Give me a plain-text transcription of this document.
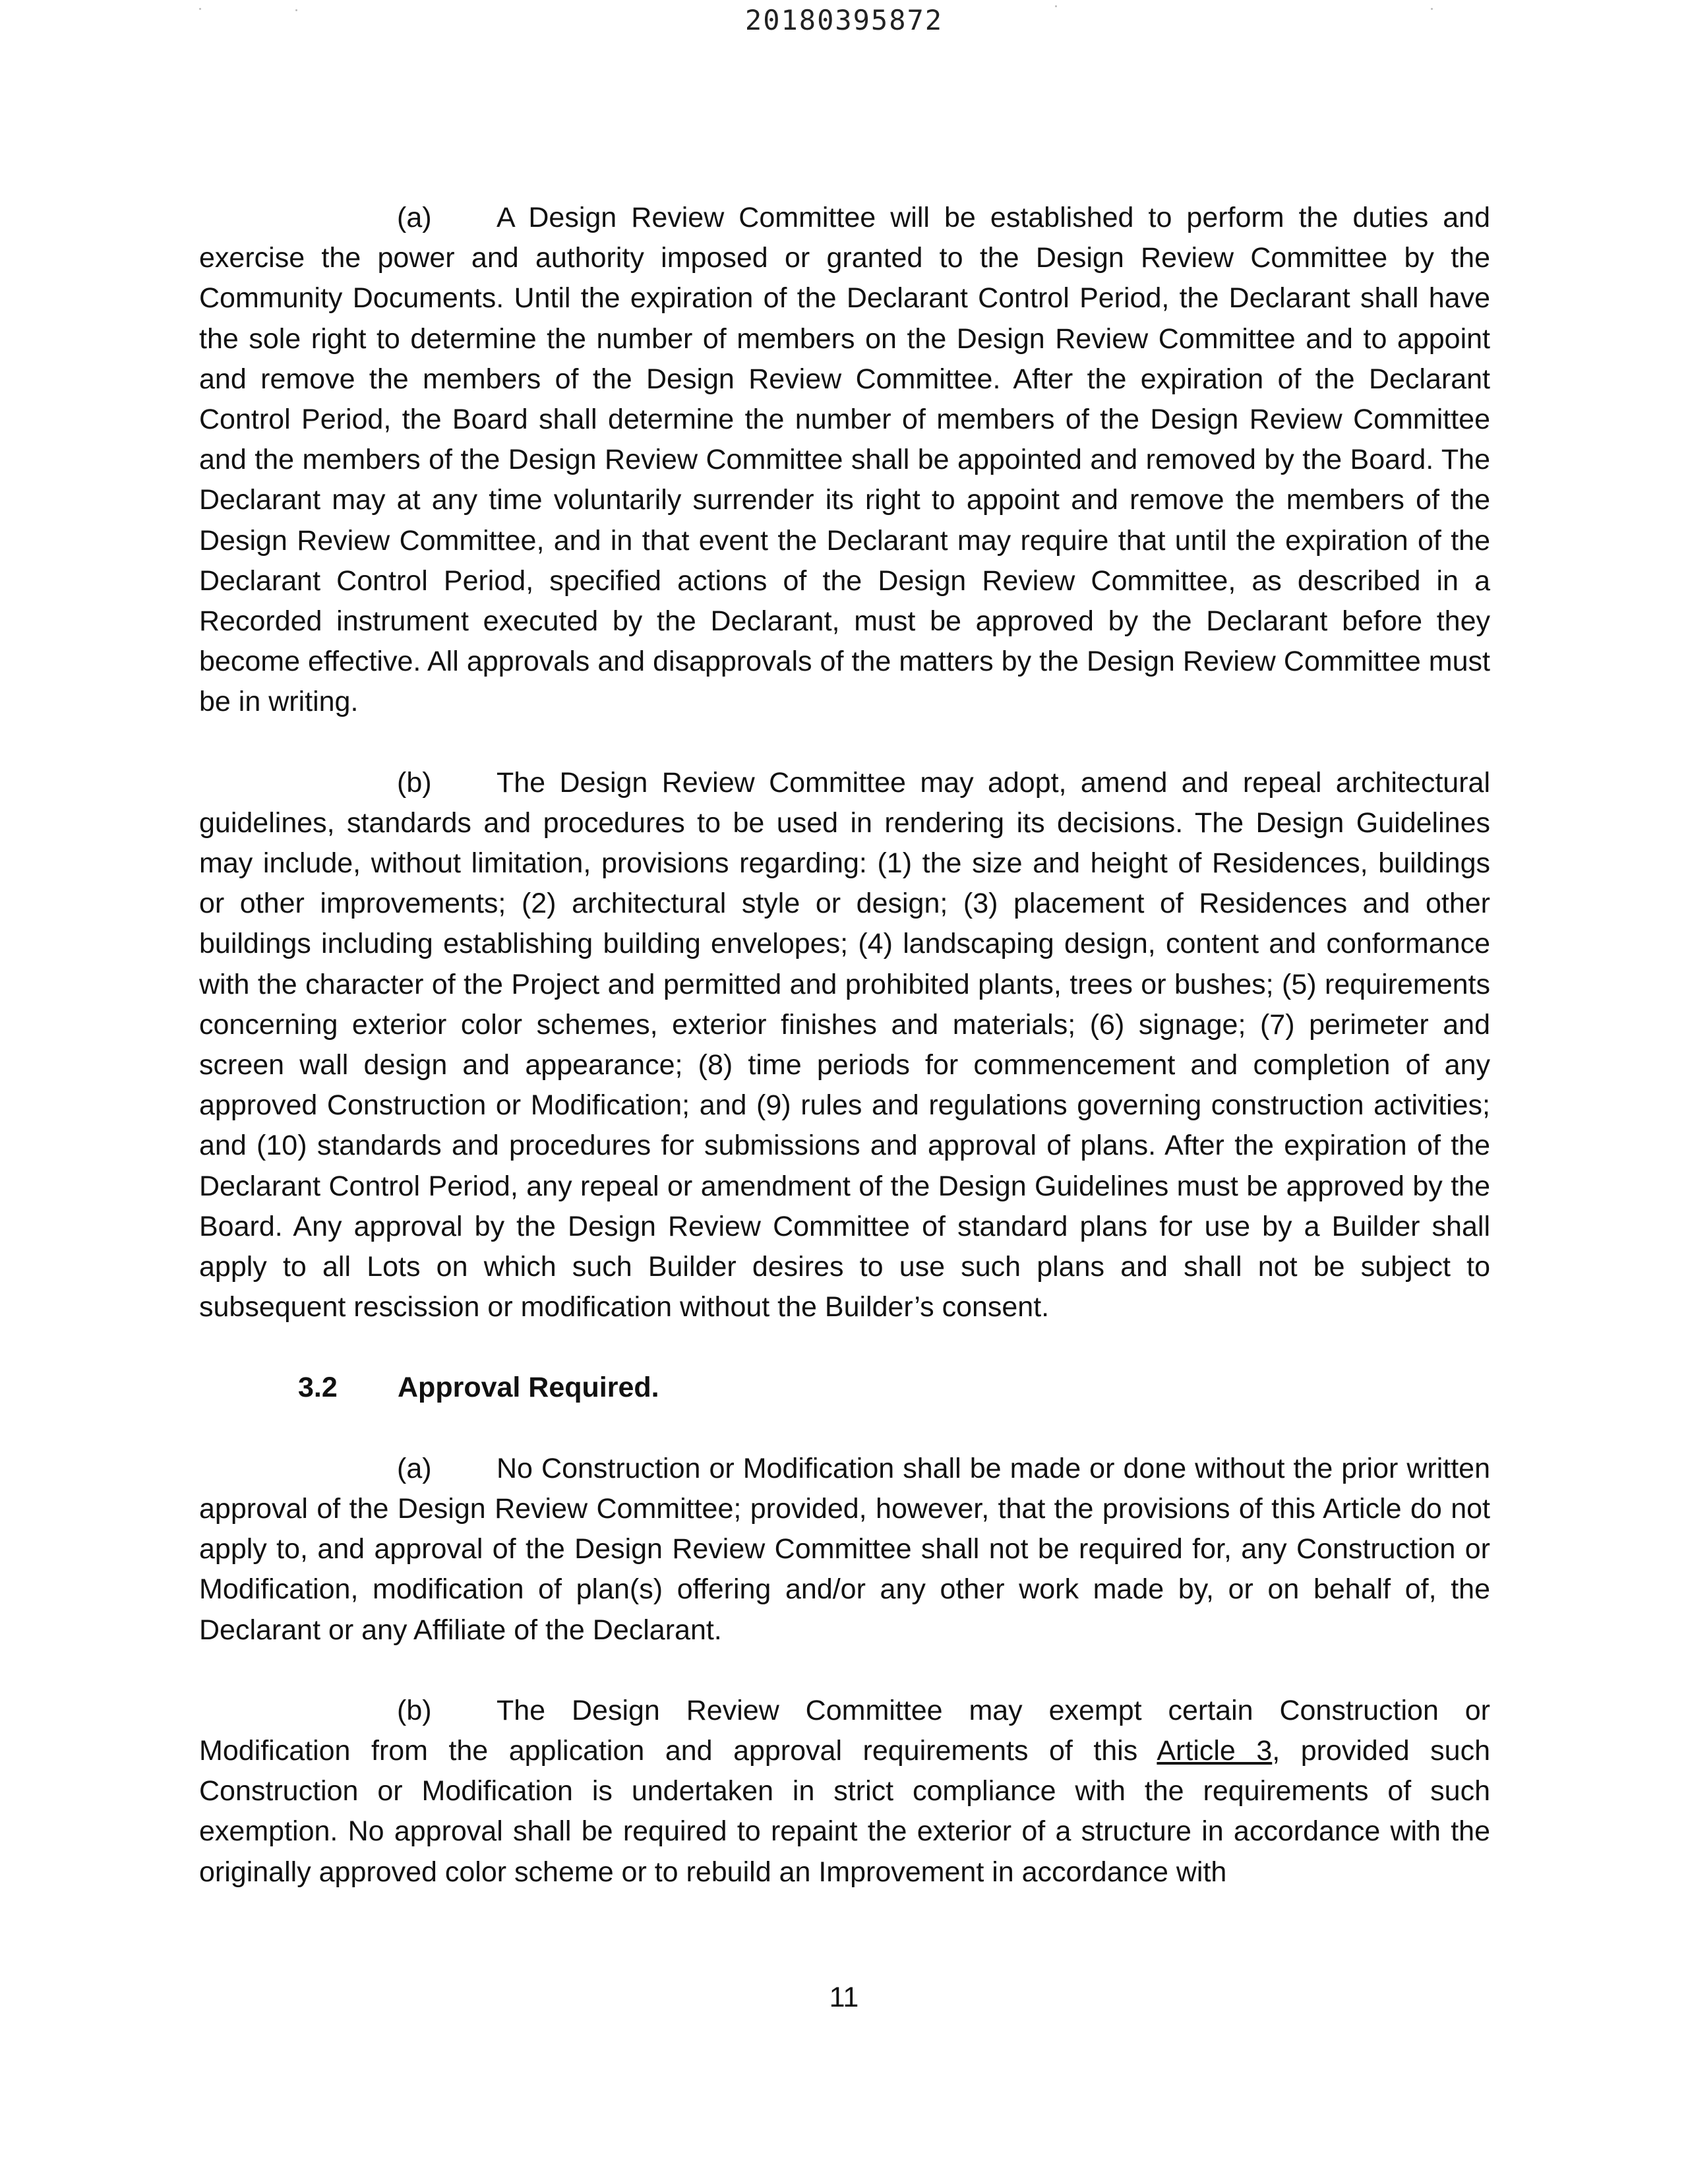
20180395872

(a) A Design Review Committee will be established to perform the duties and exercise the power and authority imposed or granted to the Design Review Committee by the Community Documents. Until the expiration of the Declarant Control Period, the Declarant shall have the sole right to determine the number of members on the Design Review Committee and to appoint and remove the members of the Design Review Committee. After the expiration of the Declarant Control Period, the Board shall determine the number of members of the Design Review Committee and the members of the Design Review Committee shall be appointed and removed by the Board. The Declarant may at any time voluntarily surrender its right to appoint and remove the members of the Design Review Committee, and in that event the Declarant may require that until the expiration of the Declarant Control Period, specified actions of the Design Review Committee, as described in a Recorded instrument executed by the Declarant, must be approved by the Declarant before they become effective. All approvals and disapprovals of the matters by the Design Review Committee must be in writing.

(b) The Design Review Committee may adopt, amend and repeal architectural guidelines, standards and procedures to be used in rendering its decisions. The Design Guidelines may include, without limitation, provisions regarding: (1) the size and height of Residences, buildings or other improvements; (2) architectural style or design; (3) placement of Residences and other buildings including establishing building envelopes; (4) landscaping design, content and conformance with the character of the Project and permitted and prohibited plants, trees or bushes; (5) requirements concerning exterior color schemes, exterior finishes and materials; (6) signage; (7) perimeter and screen wall design and appearance; (8) time periods for commencement and completion of any approved Construction or Modification; and (9) rules and regulations governing construction activities; and (10) standards and procedures for submissions and approval of plans. After the expiration of the Declarant Control Period, any repeal or amendment of the Design Guidelines must be approved by the Board. Any approval by the Design Review Committee of standard plans for use by a Builder shall apply to all Lots on which such Builder desires to use such plans and shall not be subject to subsequent rescission or modification without the Builder’s consent.

3.2 Approval Required.

(a) No Construction or Modification shall be made or done without the prior written approval of the Design Review Committee; provided, however, that the provisions of this Article do not apply to, and approval of the Design Review Committee shall not be required for, any Construction or Modification, modification of plan(s) offering and/or any other work made by, or on behalf of, the Declarant or any Affiliate of the Declarant.

(b) The Design Review Committee may exempt certain Construction or Modification from the application and approval requirements of this Article 3, provided such Construction or Modification is undertaken in strict compliance with the requirements of such exemption. No approval shall be required to repaint the exterior of a structure in accordance with the originally approved color scheme or to rebuild an Improvement in accordance with

11
